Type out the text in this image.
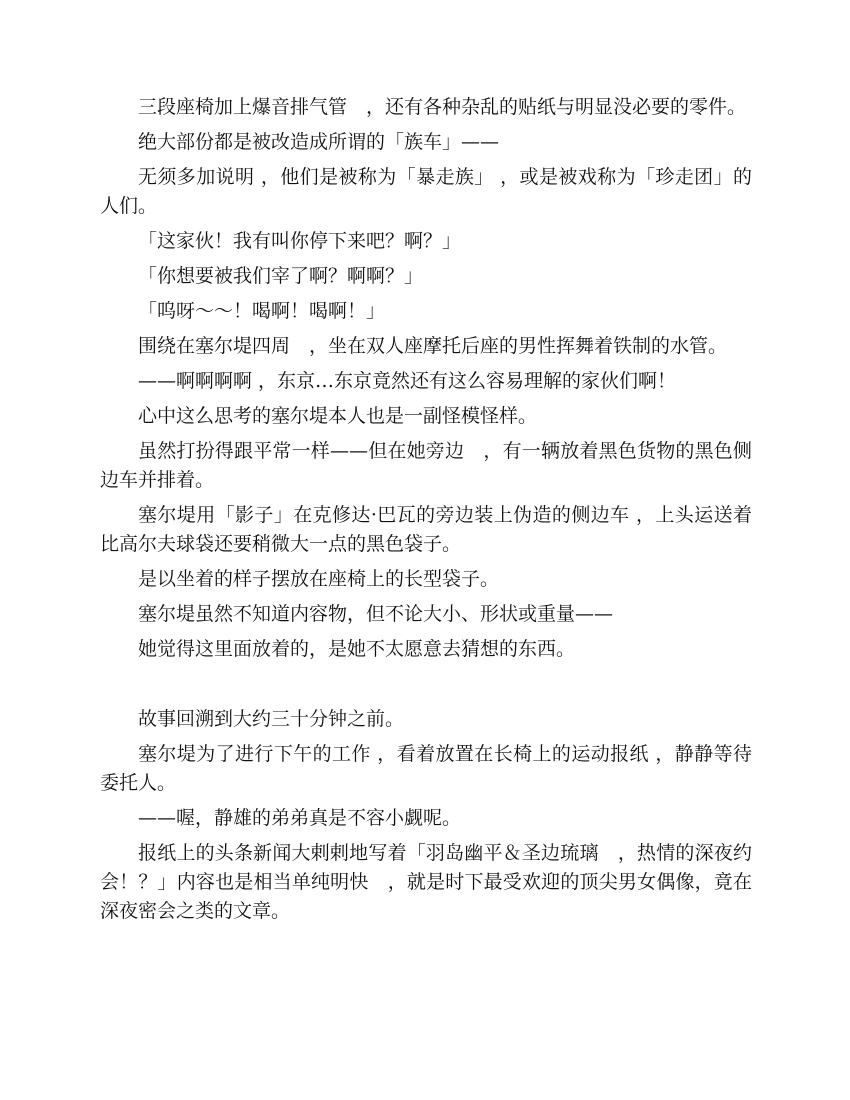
三段座椅加上爆音排气管　，还有各种杂乱的贴纸与明显没必要的零件。

绝大部份都是被改造成所谓的「族车」——

无须多加说明 ，他们是被称为「暴走族」 ，或是被戏称为「珍走团」的人们。

「这家伙！我有叫你停下来吧？啊？」

「你想要被我们宰了啊？啊啊？」

「呜呀～～！喝啊！喝啊！」

围绕在塞尔堤四周　，坐在双人座摩托后座的男性挥舞着铁制的水管。

——啊啊啊啊 ，东京…东京竟然还有这么容易理解的家伙们啊！

心中这么思考的塞尔堤本人也是一副怪模怪样。

虽然打扮得跟平常一样——但在她旁边　，有一辆放着黑色货物的黑色侧边车并排着。

塞尔堤用「影子」在克修达·巴瓦的旁边装上伪造的侧边车 ，上头运送着比高尔夫球袋还要稍微大一点的黑色袋子。

是以坐着的样子摆放在座椅上的长型袋子。

塞尔堤虽然不知道内容物，但不论大小、形状或重量——

她觉得这里面放着的，是她不太愿意去猜想的东西。

故事回溯到大约三十分钟之前。

塞尔堤为了进行下午的工作 ，看着放置在长椅上的运动报纸 ，静静等待委托人。

——喔，静雄的弟弟真是不容小觑呢。

报纸上的头条新闻大剌剌地写着「羽岛幽平＆圣边琉璃　，热情的深夜约会！？」内容也是相当单纯明快　，就是时下最受欢迎的顶尖男女偶像，竟在深夜密会之类的文章。
